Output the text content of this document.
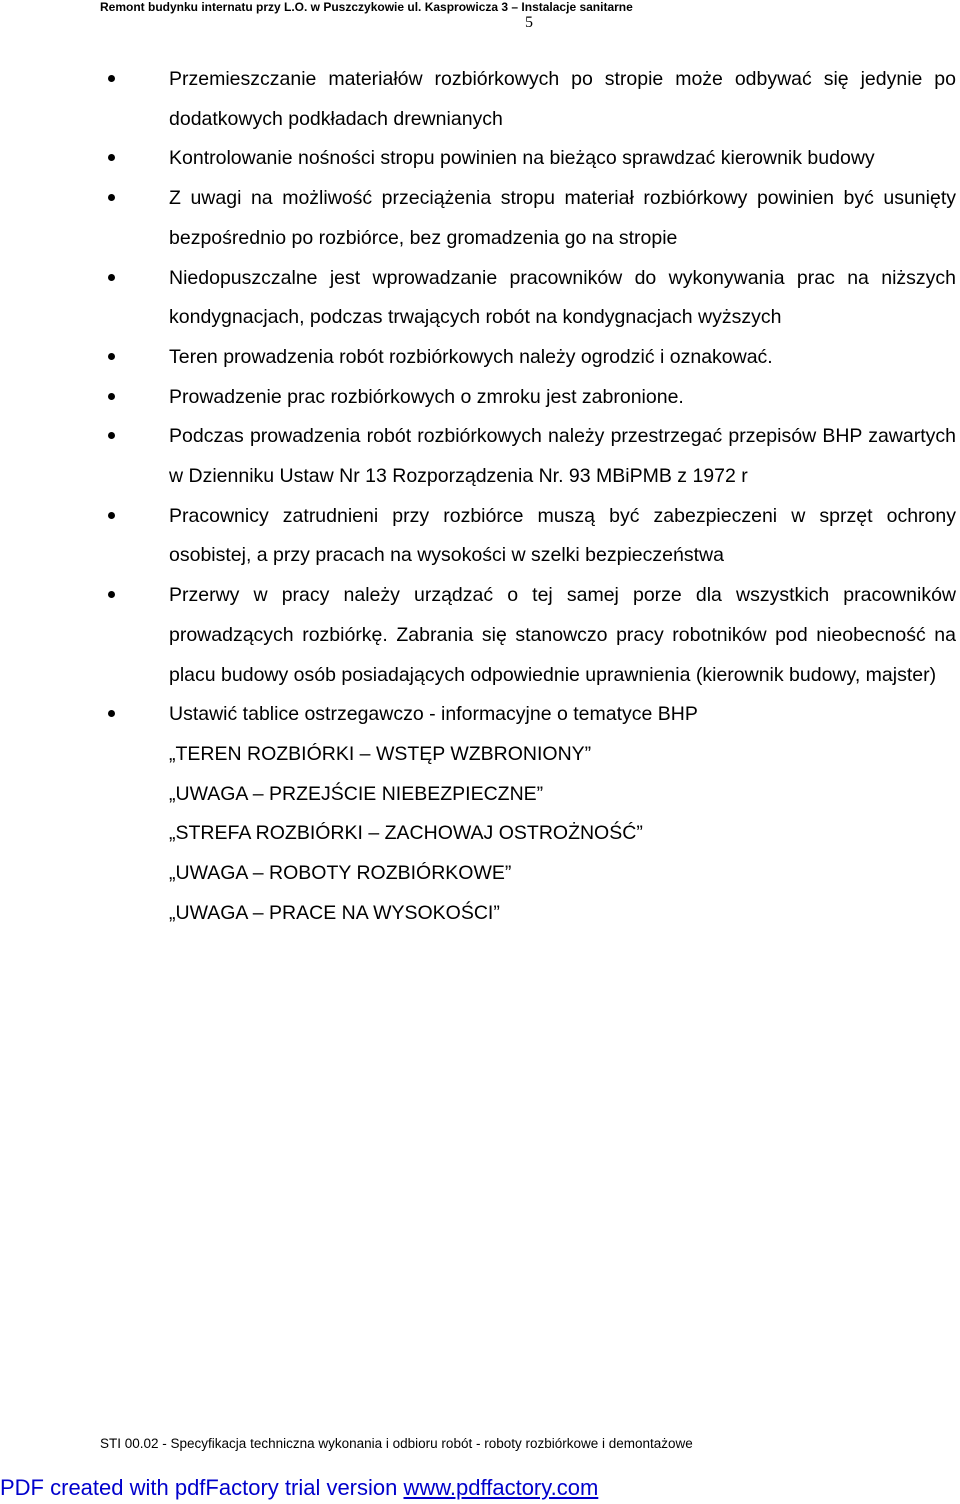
Remont budynku internatu przy L.O. w Puszczykowie ul. Kasprowicza 3 – Instalacje sanitarne
5
Przemieszczanie materiałów rozbiórkowych po stropie może odbywać się jedynie po dodatkowych podkładach drewnianych
Kontrolowanie nośności stropu powinien na bieżąco sprawdzać kierownik budowy
Z uwagi na możliwość przeciążenia stropu materiał rozbiórkowy powinien być usunięty bezpośrednio po rozbiórce, bez gromadzenia go na stropie
Niedopuszczalne jest wprowadzanie pracowników do wykonywania prac na niższych kondygnacjach, podczas trwających robót na kondygnacjach wyższych
Teren prowadzenia robót rozbiórkowych należy ogrodzić i oznakować.
Prowadzenie prac rozbiórkowych o zmroku jest zabronione.
Podczas prowadzenia robót rozbiórkowych należy przestrzegać przepisów BHP zawartych w Dzienniku Ustaw Nr 13 Rozporządzenia Nr. 93 MBiPMB z 1972 r
Pracownicy zatrudnieni przy rozbiórce muszą być zabezpieczeni w sprzęt ochrony osobistej, a przy pracach na wysokości w szelki bezpieczeństwa
Przerwy w pracy należy urządzać o tej samej porze dla wszystkich pracowników prowadzących rozbiórkę. Zabrania się stanowczo pracy robotników pod nieobecność na placu budowy osób posiadających odpowiednie uprawnienia (kierownik budowy, majster)
Ustawić tablice ostrzegawczo - informacyjne o tematyce BHP
„TEREN ROZBIÓRKI – WSTĘP WZBRONIONY”
„UWAGA – PRZEJŚCIE NIEBEZPIECZNE”
„STREFA ROZBIÓRKI – ZACHOWAJ OSTROŻNOŚĆ”
„UWAGA – ROBOTY ROZBIÓRKOWE”
„UWAGA – PRACE NA WYSOKOŚCI”
STI 00.02 - Specyfikacja techniczna wykonania i odbioru robót - roboty rozbiórkowe i demontażowe
PDF created with pdfFactory trial version www.pdffactory.com
